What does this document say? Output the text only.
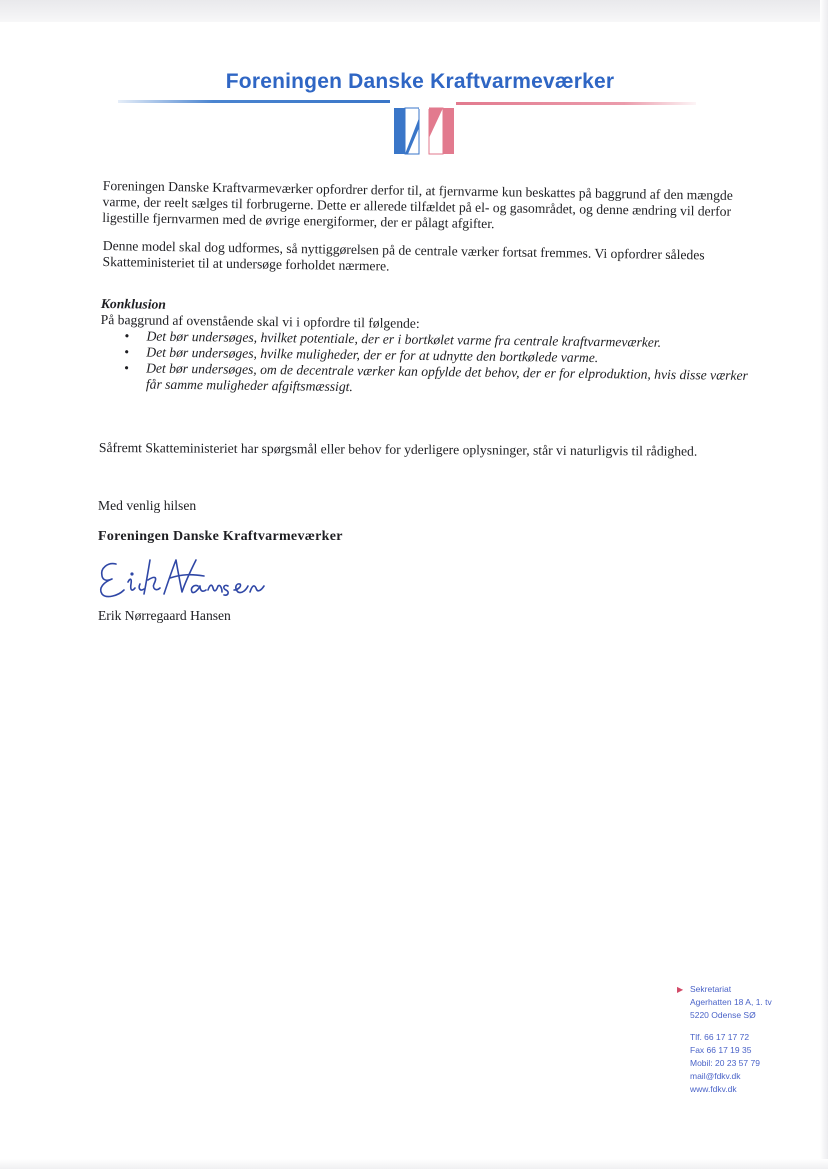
Foreningen Danske Kraftvarmeværker
Foreningen Danske Kraftvarmeværker opfordrer derfor til, at fjernvarme kun beskattes på baggrund af den mængde varme, der reelt sælges til forbrugerne. Dette er allerede tilfældet på el- og gasområdet, og denne ændring vil derfor ligestille fjernvarmen med de øvrige energiformer, der er pålagt afgifter.
Denne model skal dog udformes, så nyttiggørelsen på de centrale værker fortsat fremmes. Vi opfordrer således Skatteministeriet til at undersøge forholdet nærmere.
Konklusion
På baggrund af ovenstående skal vi i opfordre til følgende:
• Det bør undersøges, hvilket potentiale, der er i bortkølet varme fra centrale kraftvarmeværker.
• Det bør undersøges, hvilke muligheder, der er for at udnytte den bortkølede varme.
• Det bør undersøges, om de decentrale værker kan opfylde det behov, der er for elproduktion, hvis disse værker får samme muligheder afgiftsmæssigt.
Såfremt Skatteministeriet har spørgsmål eller behov for yderligere oplysninger, står vi naturligvis til rådighed.
Med venlig hilsen
Foreningen Danske Kraftvarmeværker
Erik Nørregaard Hansen
▶ Sekretariat
Agerhatten 18 A, 1. tv
5220 Odense SØ
Tlf. 66 17 17 72
Fax 66 17 19 35
Mobil: 20 23 57 79
mail@fdkv.dk
www.fdkv.dk
